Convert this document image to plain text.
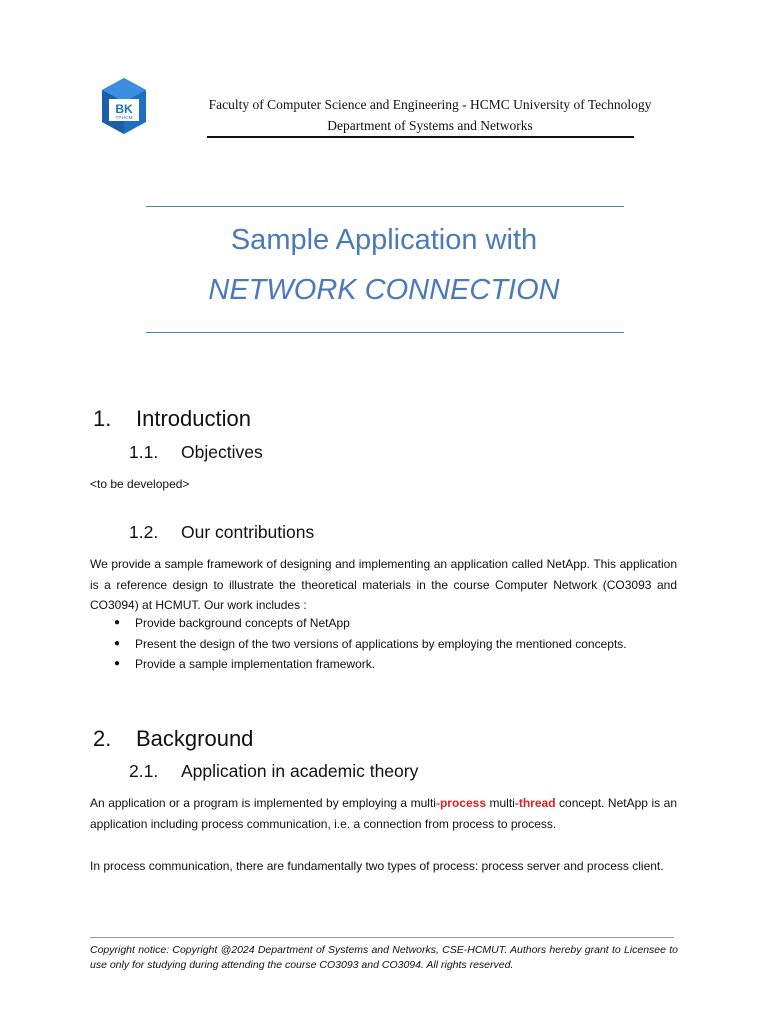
BK
TP.HCM
Faculty of Computer Science and Engineering - HCMC University of Technology
Department of Systems and Networks
Sample Application with
NETWORK CONNECTION
1. Introduction
1.1. Objectives
<to be developed>
1.2. Our contributions
We provide a sample framework of designing and implementing an application called NetApp. This application is a reference design to illustrate the theoretical materials in the course Computer Network (CO3093 and CO3094) at HCMUT. Our work includes :
● Provide background concepts of NetApp
● Present the design of the two versions of applications by employing the mentioned concepts.
● Provide a sample implementation framework.
2. Background
2.1. Application in academic theory
An application or a program is implemented by employing a multi-process multi-thread concept. NetApp is an application including process communication, i.e. a connection from process to process.
In process communication, there are fundamentally two types of process: process server and process client.
Copyright notice: Copyright @2024 Department of Systems and Networks, CSE-HCMUT. Authors hereby grant to Licensee to use only for studying during attending the course CO3093 and CO3094. All rights reserved.
